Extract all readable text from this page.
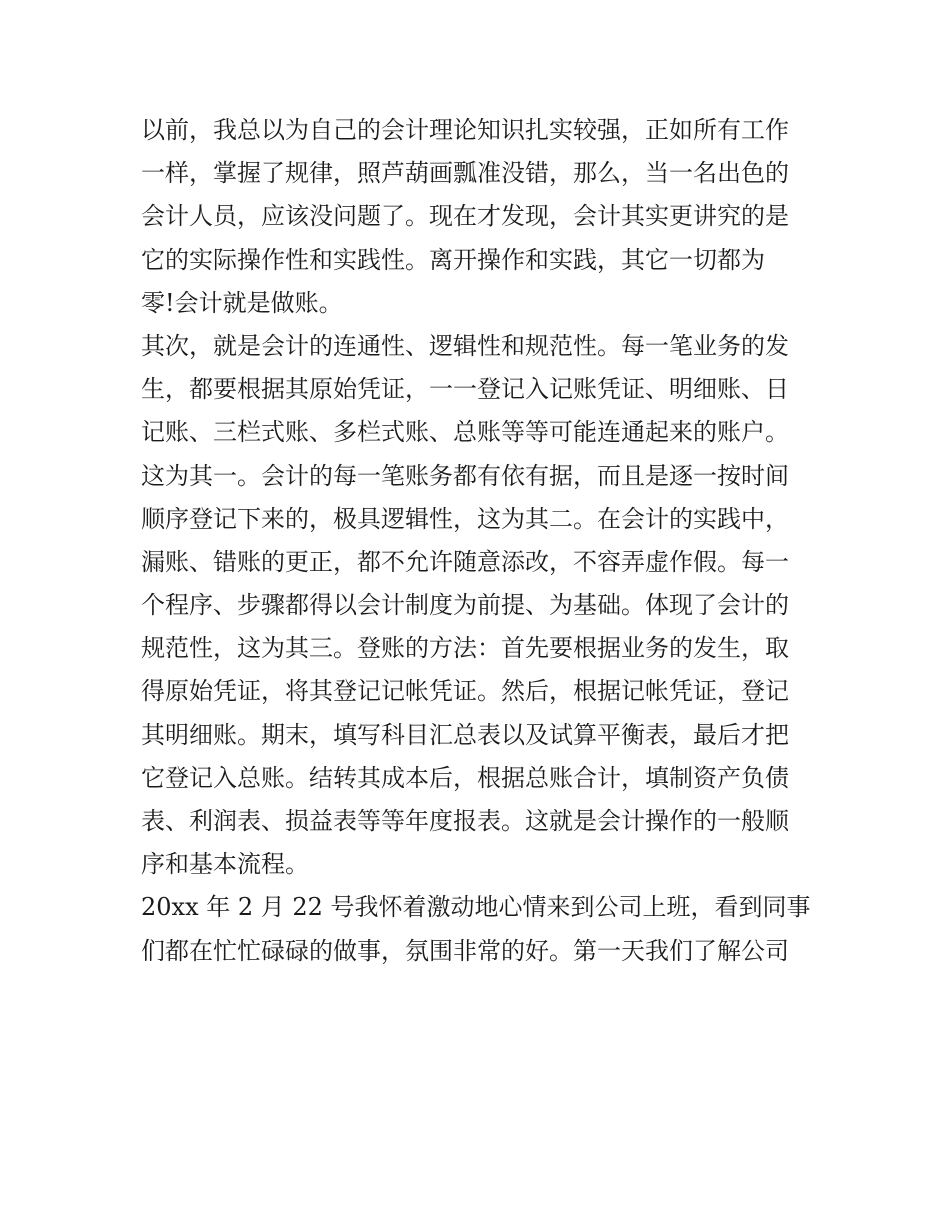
以前，我总以为自己的会计理论知识扎实较强，正如所有工作
一样，掌握了规律，照芦葫画瓢准没错，那么，当一名出色的
会计人员，应该没问题了。现在才发现，会计其实更讲究的是
它的实际操作性和实践性。离开操作和实践，其它一切都为
零!会计就是做账。
其次，就是会计的连通性、逻辑性和规范性。每一笔业务的发
生，都要根据其原始凭证，一一登记入记账凭证、明细账、日
记账、三栏式账、多栏式账、总账等等可能连通起来的账户。
这为其一。会计的每一笔账务都有依有据，而且是逐一按时间
顺序登记下来的，极具逻辑性，这为其二。在会计的实践中，
漏账、错账的更正，都不允许随意添改，不容弄虚作假。每一
个程序、步骤都得以会计制度为前提、为基础。体现了会计的
规范性，这为其三。登账的方法：首先要根据业务的发生，取
得原始凭证，将其登记记帐凭证。然后，根据记帐凭证，登记
其明细账。期末，填写科目汇总表以及试算平衡表，最后才把
它登记入总账。结转其成本后，根据总账合计，填制资产负债
表、利润表、损益表等等年度报表。这就是会计操作的一般顺
序和基本流程。
20xx 年 2 月 22 号我怀着激动地心情来到公司上班，看到同事
们都在忙忙碌碌的做事，氛围非常的好。第一天我们了解公司
